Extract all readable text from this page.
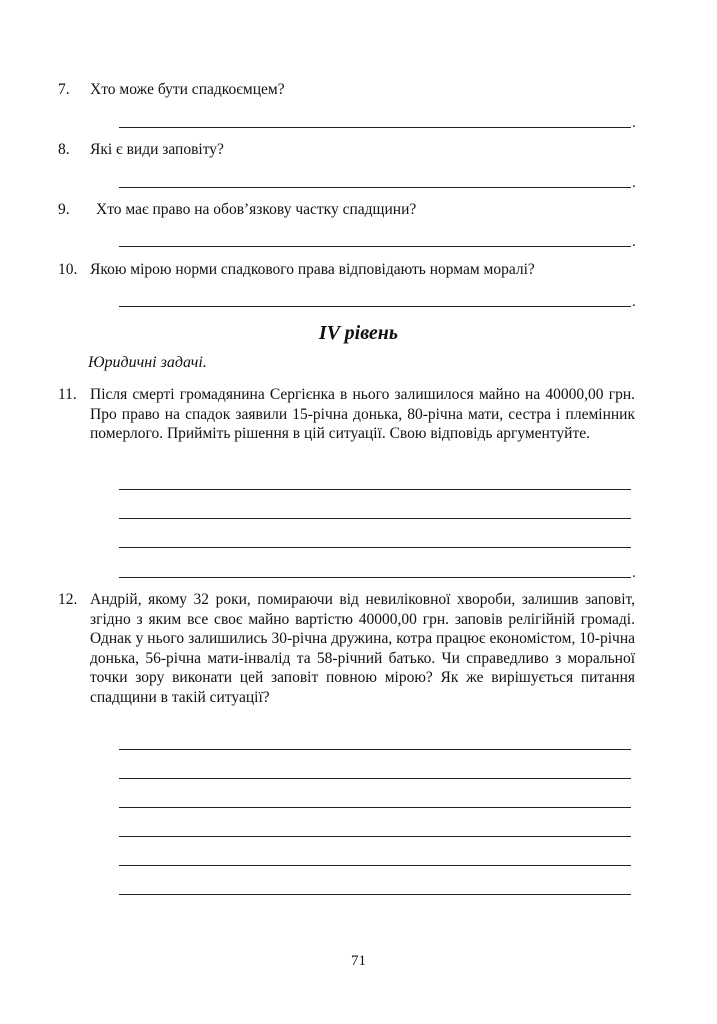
7. Хто може бути спадкоємцем?
.
8. Які є види заповіту?
.
9. Хто має право на обов’язкову частку спадщини?
.
10. Якою мірою норми спадкового права відповідають нормам моралі?
.
IV рівень
Юридичні задачі.
11. Після смерті громадянина Сергієнка в нього залишилося майно на 40000,00 грн. Про право на спадок заявили 15-річна донька, 80-річна мати, сестра і племінник померлого. Прийміть рішення в цій ситуації. Свою відповідь аргументуйте.
.
12. Андрій, якому 32 роки, помираючи від невиліковної хвороби, залишив заповіт, згідно з яким все своє майно вартістю 40000,00 грн. заповів релігійній громаді. Однак у нього залишились 30-річна дружина, котра працює економістом, 10-річна донька, 56-річна мати-інвалід та 58-річний батько. Чи справедливо з моральної точки зору виконати цей заповіт повною мірою? Як же вирішується питання спадщини в такій ситуації?
71
